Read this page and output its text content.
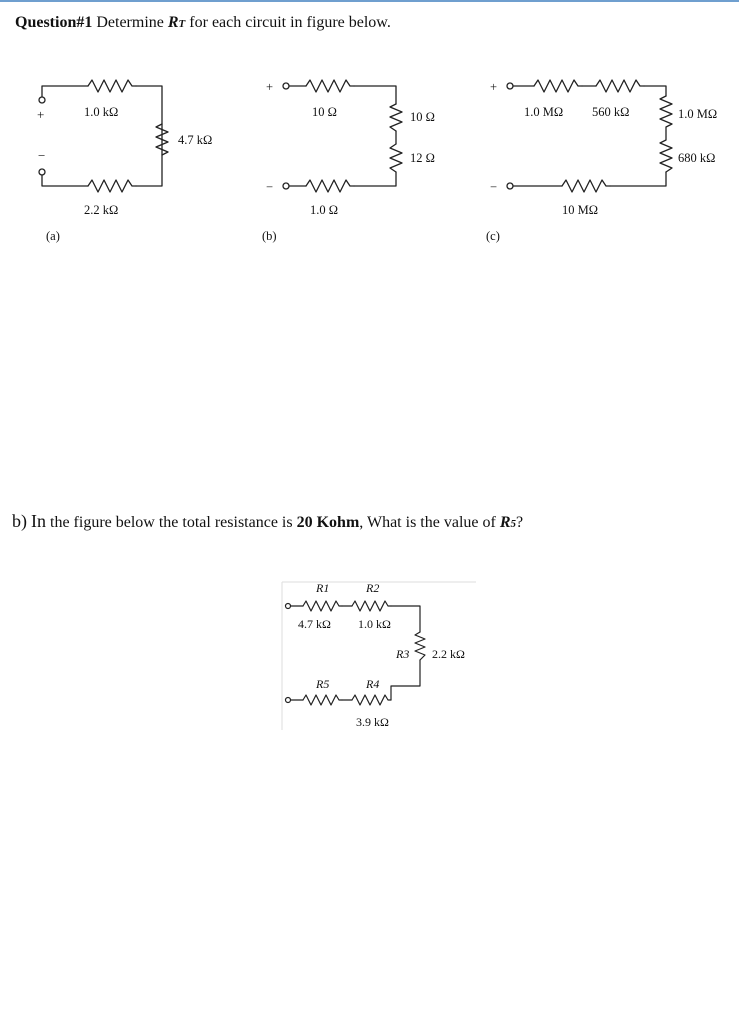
Question#1 Determine RT for each circuit in figure below.
+
−
1.0 kΩ
4.7 kΩ
2.2 kΩ
(a)
+
−
10 Ω	10 Ω
12 Ω
1.0 Ω
(b)
+
−
1.0 MΩ 560 kΩ	1.0 MΩ
680 kΩ
10 MΩ
(c)
b) In the figure below the total resistance is 20 Kohm, What is the value of R5?
R1	R2
4.7 kΩ 1.0 kΩ
R3 2.2 kΩ
R5	R4
3.9 kΩ
